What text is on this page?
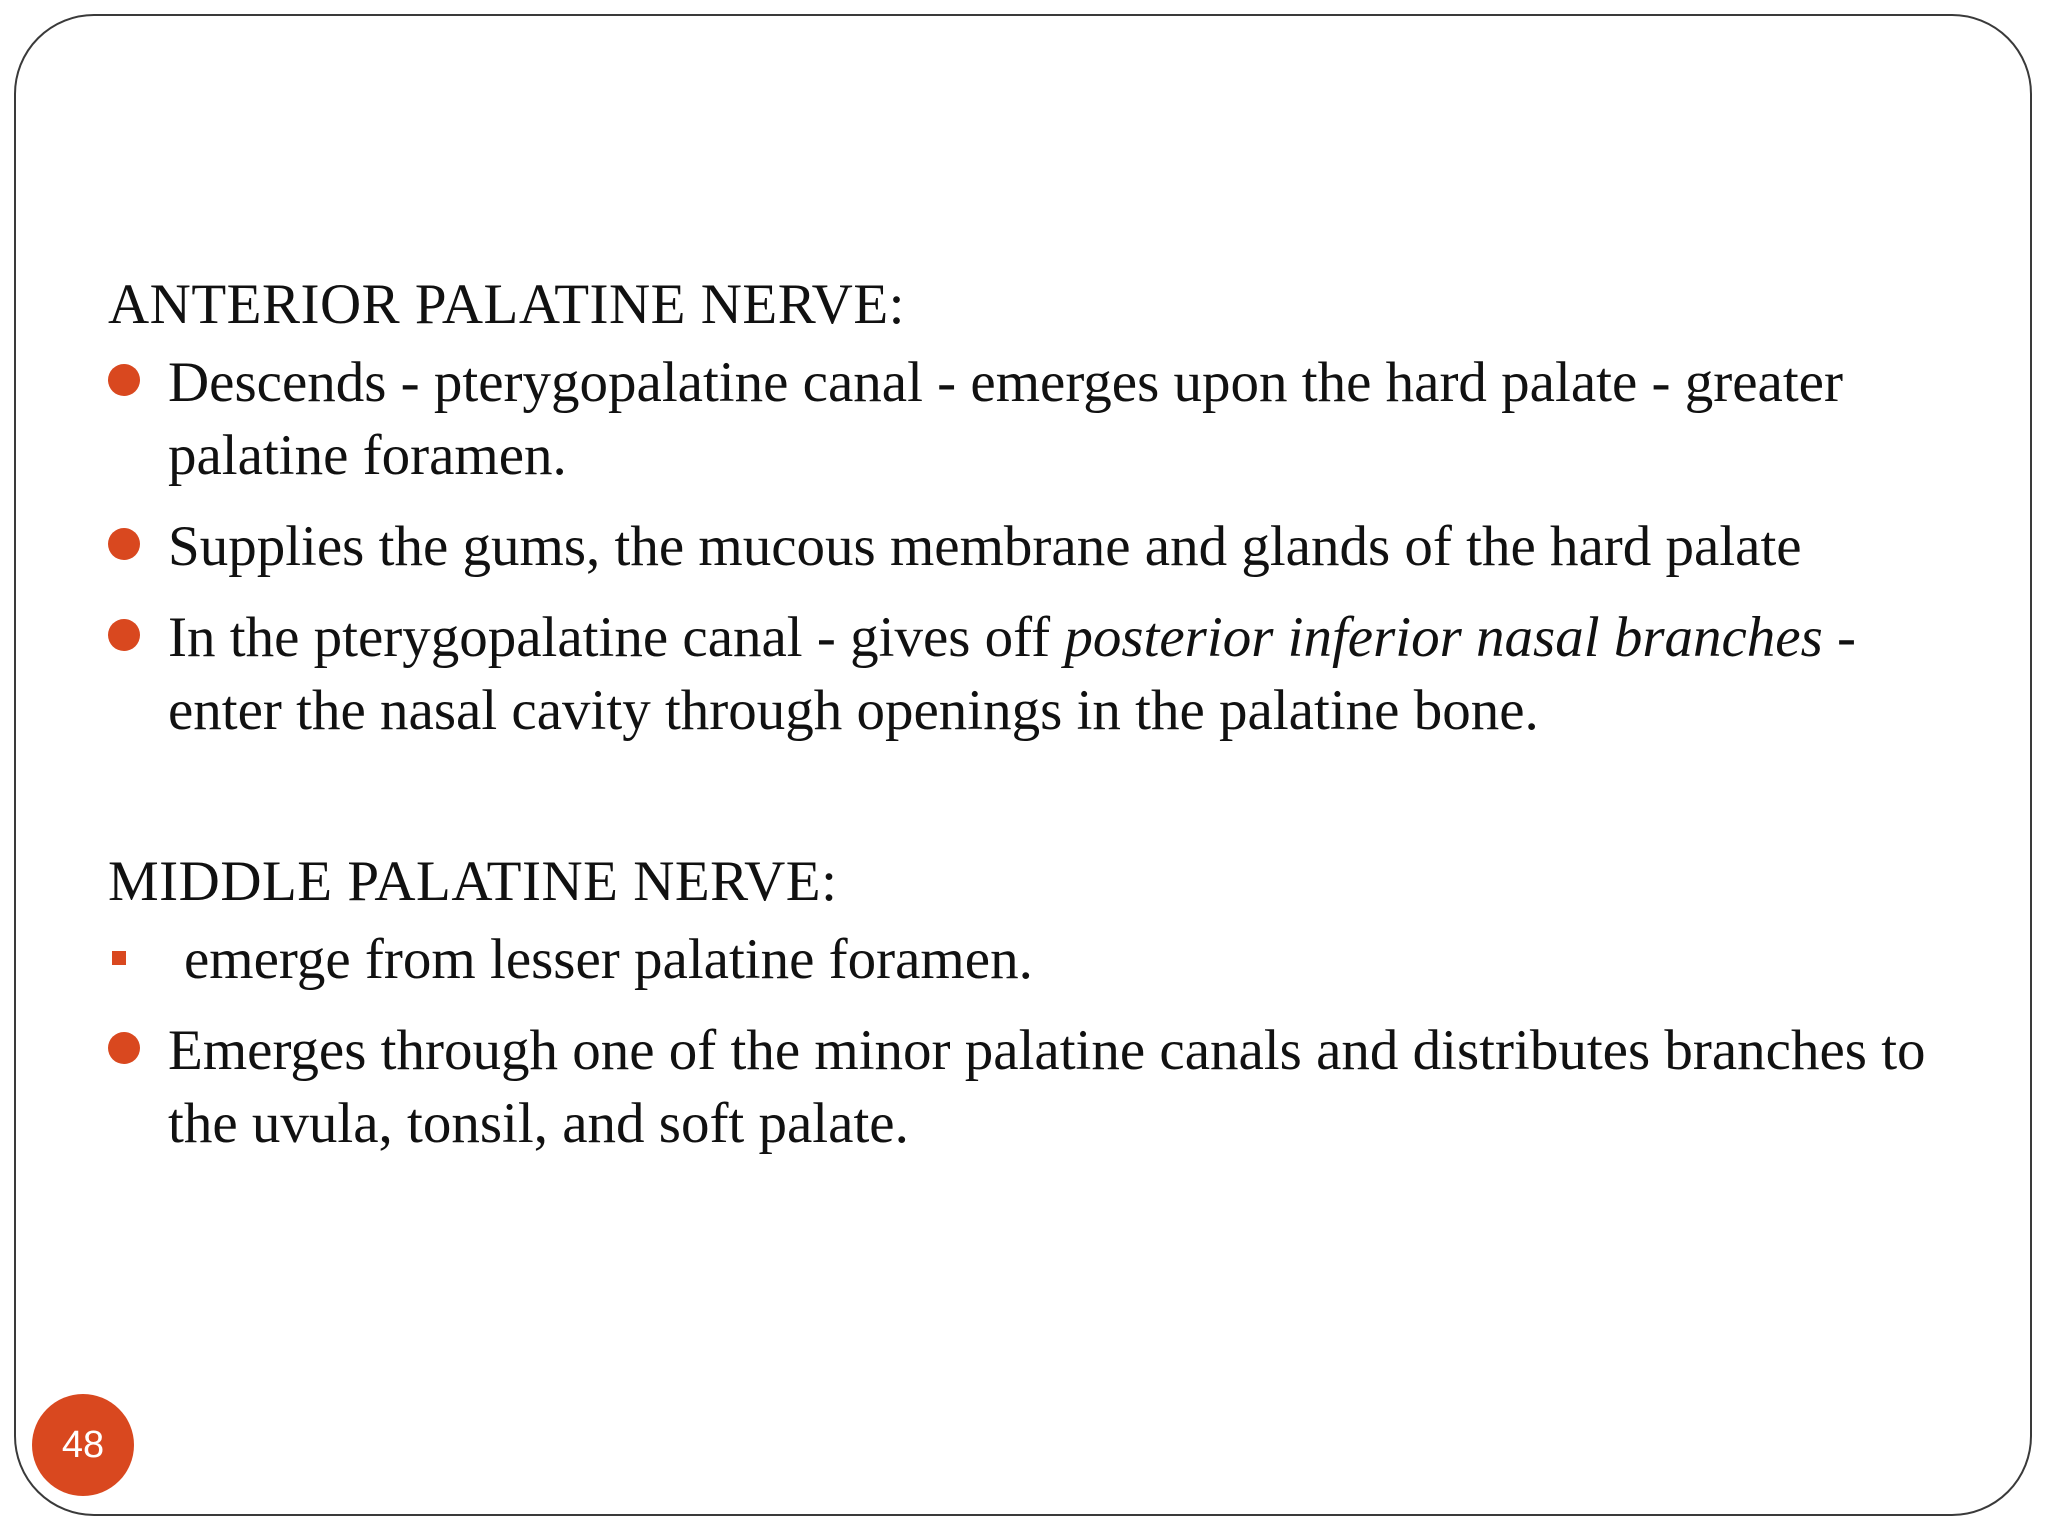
ANTERIOR PALATINE NERVE:
Descends - pterygopalatine canal - emerges upon the hard palate - greater palatine foramen.
Supplies the gums, the mucous membrane and glands of the hard palate
In the pterygopalatine canal - gives off posterior inferior nasal branches - enter the nasal cavity through openings in the palatine bone.
MIDDLE PALATINE NERVE:
emerge from lesser palatine foramen.
Emerges through one of the minor palatine canals and distributes branches to the uvula, tonsil, and soft palate.
48
